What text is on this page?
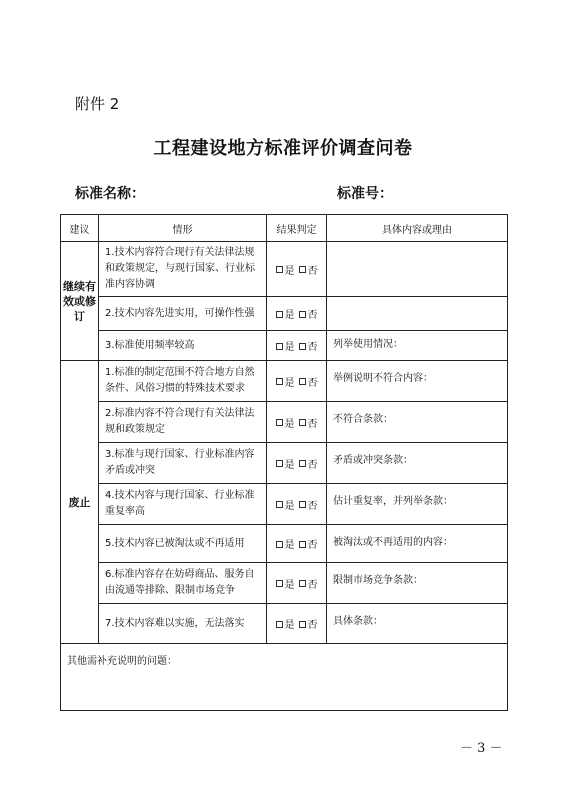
附件 2
工程建设地方标准评价调查问卷
标准名称：	标准号：
建议	情形	结果判定	具体内容或理由
继续有效或修订	1.技术内容符合现行有关法律法规和政策规定，与现行国家、行业标准内容协调	是 否	
	2.技术内容先进实用，可操作性强	是 否	
	3.标准使用频率较高	是 否	列举使用情况：
废止	1.标准的制定范围不符合地方自然条件、风俗习惯的特殊技术要求	是 否	举例说明不符合内容：
	2.标准内容不符合现行有关法律法规和政策规定	是 否	不符合条款：
	3.标准与现行国家、行业标准内容矛盾或冲突	是 否	矛盾或冲突条款：
	4.技术内容与现行国家、行业标准重复率高	是 否	估计重复率，并列举条款：
	5.技术内容已被淘汰或不再适用	是 否	被淘汰或不再适用的内容：
	6.标准内容存在妨碍商品、服务自由流通等排除、限制市场竞争	是 否	限制市场竞争条款：
	7.技术内容难以实施，无法落实	是 否	具体条款：
其他需补充说明的问题：			
－ 3 －
